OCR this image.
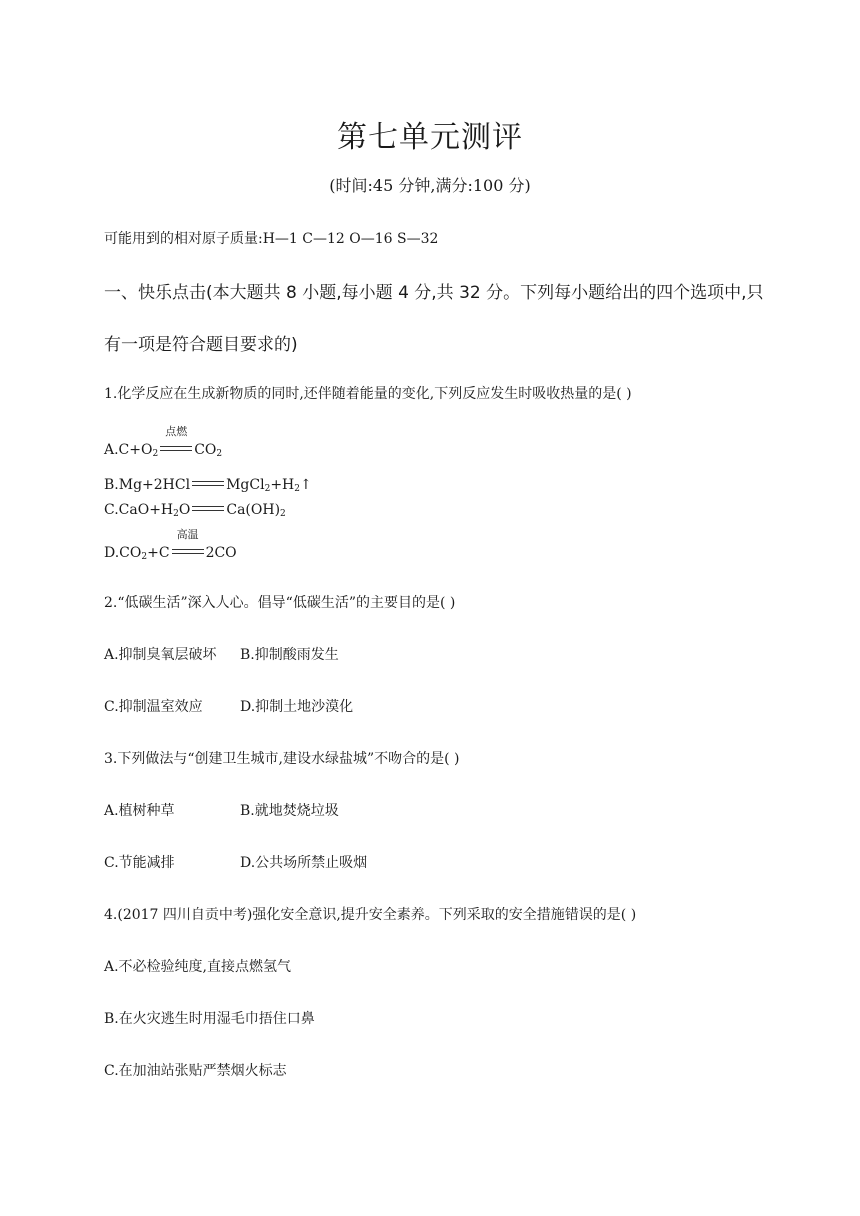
第七单元测评
(时间:45 分钟,满分:100 分)
可能用到的相对原子质量:H—1 C—12 O—16 S—32
一、快乐点击(本大题共 8 小题,每小题 4 分,共 32 分。下列每小题给出的四个选项中,只
有一项是符合题目要求的)
1.化学反应在生成新物质的同时,还伴随着能量的变化,下列反应发生时吸收热量的是( )
$A.C+O_2$
点燃
$CO_2$
B.Mg+2HCl	$MgCl_2+H_2↑$
$C.CaO+H_2O$	$Ca(OH)_2$
$D.CO_2+C$
高温
2CO
2.“低碳生活”深入人心。倡导“低碳生活”的主要目的是( )
A.抑制臭氧层破坏 B.抑制酸雨发生
C.抑制温室效应	D.抑制土地沙漠化
3.下列做法与“创建卫生城市,建设水绿盐城”不吻合的是( )
A.植树种草	B.就地焚烧垃圾
C.节能减排	D.公共场所禁止吸烟
4.(2017 四川自贡中考)强化安全意识,提升安全素养。下列采取的安全措施错误的是( )
A.不必检验纯度,直接点燃氢气
B.在火灾逃生时用湿毛巾捂住口鼻
C.在加油站张贴严禁烟火标志
